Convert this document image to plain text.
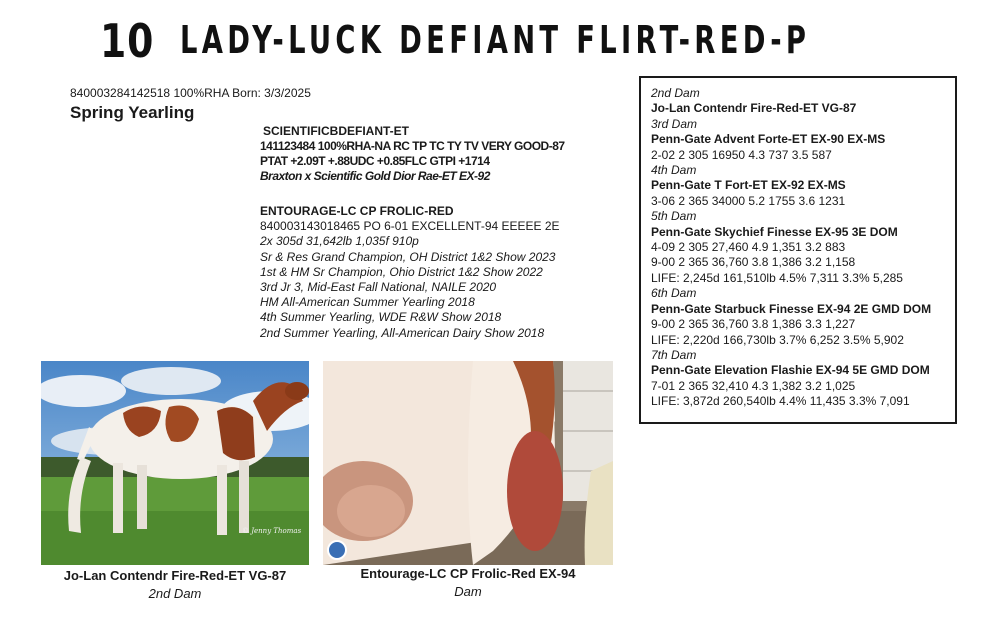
10 LADY-LUCK DEFIANT FLIRT-RED-P
840003284142518 100%RHA Born: 3/3/2025
Spring Yearling
SCIENTIFICBDEFIANT-ET
141123484 100%RHA-NA RC TP TC TY TV VERY GOOD-87
PTAT +2.09T +.88UDC +0.85FLC GTPI +1714
Braxton x Scientific Gold Dior Rae-ET EX-92
ENTOURAGE-LC CP FROLIC-RED
840003143018465 PO 6-01 EXCELLENT-94 EEEEE 2E
2x 305d 31,642lb 1,035f 910p
Sr & Res Grand Champion, OH District 1&2 Show 2023
1st & HM Sr Champion, Ohio District 1&2 Show 2022
3rd Jr 3, Mid-East Fall National, NAILE 2020
HM All-American Summer Yearling 2018
4th Summer Yearling, WDE R&W Show 2018
2nd Summer Yearling, All-American Dairy Show 2018
2nd Dam
Jo-Lan Contendr Fire-Red-ET VG-87
3rd Dam
Penn-Gate Advent Forte-ET EX-90 EX-MS
2-02 2 305 16950 4.3 737 3.5 587
4th Dam
Penn-Gate T Fort-ET EX-92 EX-MS
3-06 2 365 34000 5.2 1755 3.6 1231
5th Dam
Penn-Gate Skychief Finesse EX-95 3E DOM
4-09 2 305 27,460 4.9 1,351 3.2 883
9-00 2 365 36,760 3.8 1,386 3.2 1,158
LIFE: 2,245d 161,510lb 4.5% 7,311 3.3% 5,285
6th Dam
Penn-Gate Starbuck Finesse EX-94 2E GMD DOM
9-00 2 365 36,760 3.8 1,386 3.3 1,227
LIFE: 2,220d 166,730lb 3.7% 6,252 3.5% 5,902
7th Dam
Penn-Gate Elevation Flashie EX-94 5E GMD DOM
7-01 2 365 32,410 4.3 1,382 3.2 1,025
LIFE: 3,872d 260,540lb 4.4% 11,435 3.3% 7,091
Jo-Lan Contendr Fire-Red-ET VG-87
2nd Dam
© Jenny Thomas
Entourage-LC CP Frolic-Red EX-94
Dam
